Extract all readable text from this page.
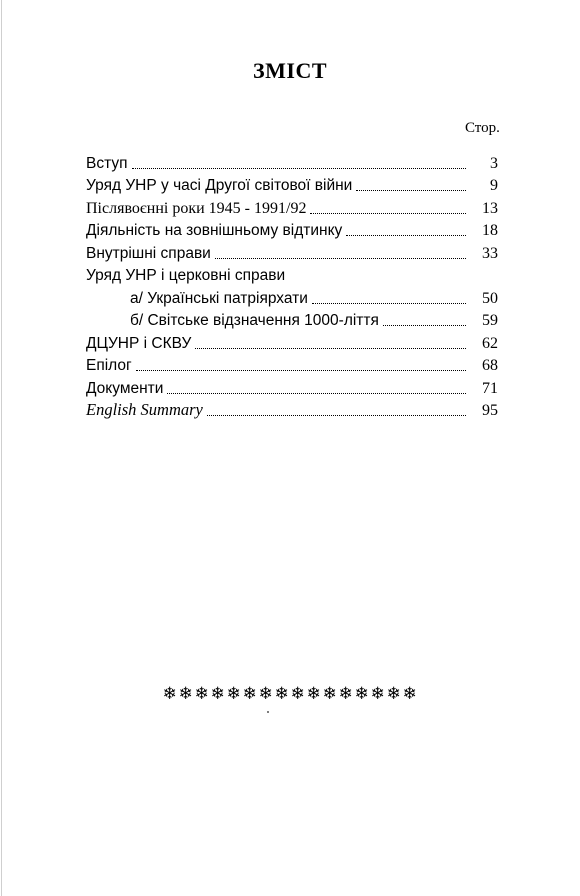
ЗМІСТ
Стор.
Вступ	3
Уряд УНР у часі Другої світової війни	9
Післявоєнні роки 1945 - 1991/92	13
Діяльність на зовнішньому відтинку	18
Внутрішні справи	33
Уряд УНР і церковні справи
а/ Українські патріярхати	50
б/ Світське відзначення 1000-ліття	59
ДЦУНР і СКВУ	62
Епілог	68
Документи	71
English Summary	95
❄❄❄❄❄❄❄❄❄❄❄❄❄❄❄❄
